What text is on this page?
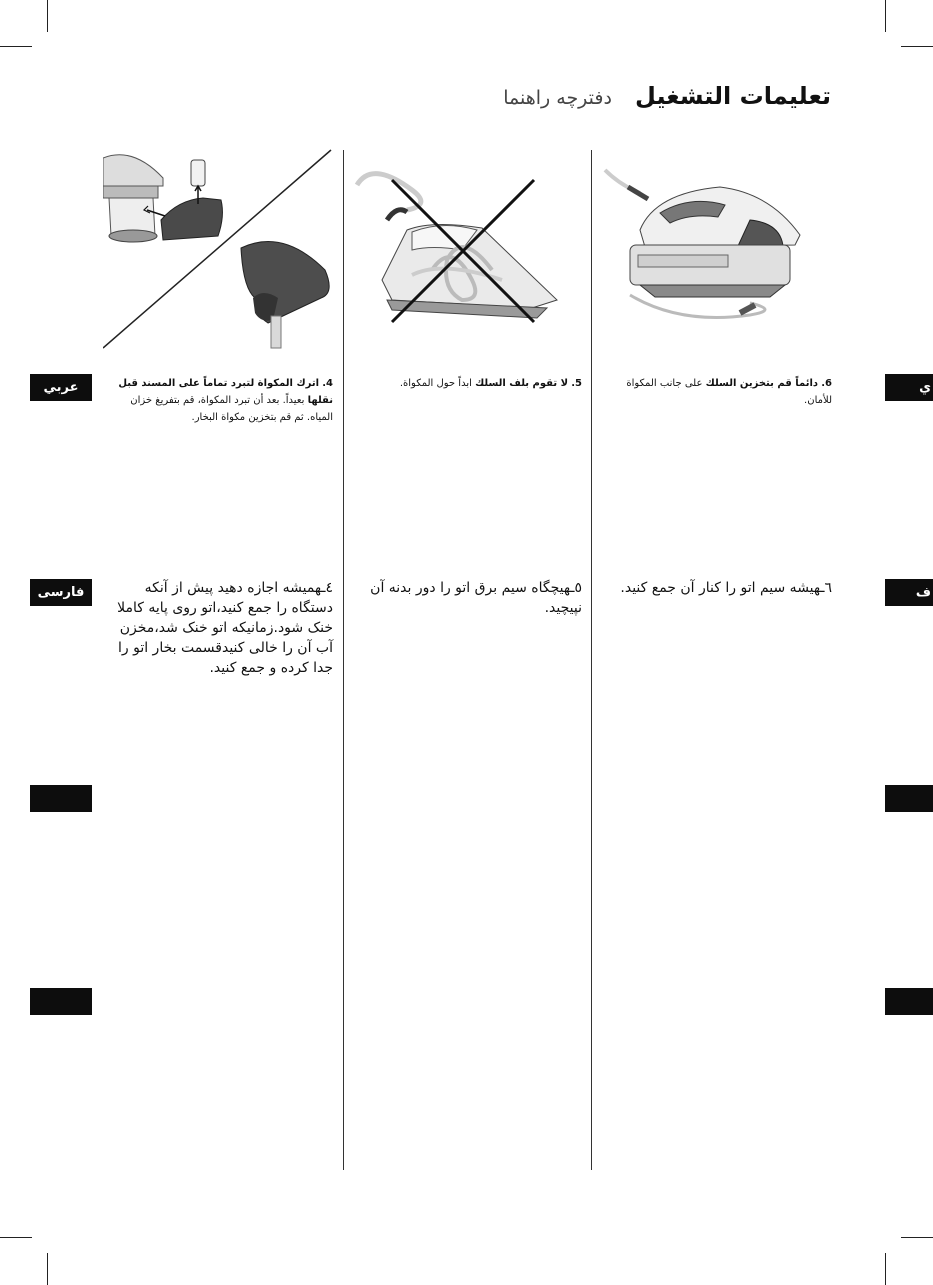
تعليمات التشغيل دفترچه راهنما
عربي	ي
فارسی	ف
4. اترك المكواة لتبرد تماماً على المسند قبل نقلها بعيداً. بعد أن تبرد المكواة، قم بتفريغ خزان المياه. ثم قم بتخزين مكواة البخار.
5. لا تقوم بلف السلك ابداً حول المكواة.	6. دائماً قم بتخزين السلك على جانب المكواة للأمان.
٤ـهمیشه اجازه دهید پیش از آنکه دستگاه را جمع کنید،اتو روی پایه کاملا خنک شود.زمانیکه اتو خنک شد،مخزن آب آن را خالی کنیدقسمت بخار اتو را جدا کرده و جمع کنید.
٥ـهیچگاه سیم برق اتو را دور بدنه آن نپیچید.
٦ـهیشه سیم اتو را کنار آن جمع کنید.
